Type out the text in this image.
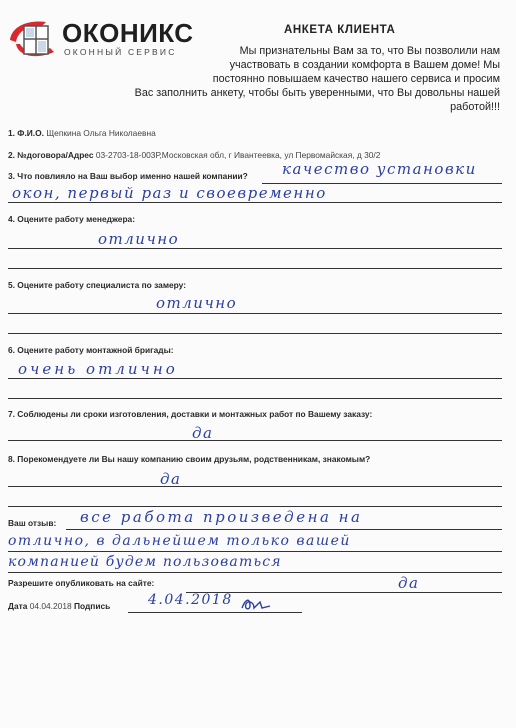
ОКОНИКС
ОКОННЫЙ СЕРВИС
АНКЕТА КЛИЕНТА
Мы признательны Вам за то, что Вы позволили нам
участвовать в создании комфорта в Вашем доме! Мы
постоянно повышаем качество нашего сервиса и просим
Вас заполнить анкету, чтобы быть уверенными, что Вы довольны нашей работой!!!
1. Ф.И.О. Щепкина Ольга Николаевна
2. №договора/Адрес 03-2703-18-003Р,Московская обл, г Ивантеевка, ул Первомайская, д 30/2
3. Что повлияло на Ваш выбор именно нашей компании? качество установки
окон, первый раз и своевременно
4. Оцените работу менеджера:
отлично
5. Оцените работу специалиста по замеру:
отлично
6. Оцените работу монтажной бригады:
очень отлично
7. Соблюдены ли сроки изготовления, доставки и монтажных работ по Вашему заказу:
да
8. Порекомендуете ли Вы нашу компанию своим друзьям, родственникам, знакомым?
да
Ваш отзыв: все работа произведена на
отлично, в дальнейшем только вашей
компанией будем пользоваться
Разрешите опубликовать на сайте:	да
Дата 04.04.2018 Подпись	4.04.2018
